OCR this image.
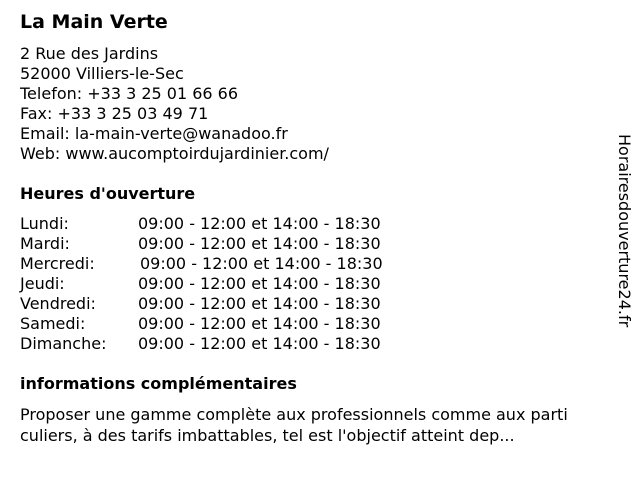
La Main Verte
2 Rue des Jardins
52000 Villiers-le-Sec
Telefon: +33 3 25 01 66 66
Fax: +33 3 25 03 49 71
Email: la-main-verte@wanadoo.fr
Web: www.aucomptoirdujardinier.com/
Heures d'ouverture
Lundi:	09:00 - 12:00 et 14:00 - 18:30
Mardi:	09:00 - 12:00 et 14:00 - 18:30
Mercredi:	09:00 - 12:00 et 14:00 - 18:30
Jeudi:	09:00 - 12:00 et 14:00 - 18:30
Vendredi:	09:00 - 12:00 et 14:00 - 18:30
Samedi:	09:00 - 12:00 et 14:00 - 18:30
Dimanche: 09:00 - 12:00 et 14:00 - 18:30
informations complémentaires
Proposer une gamme complète aux professionnels comme aux parti
culiers, à des tarifs imbattables, tel est l'objectif atteint dep...
Horairesdouverture24.fr
